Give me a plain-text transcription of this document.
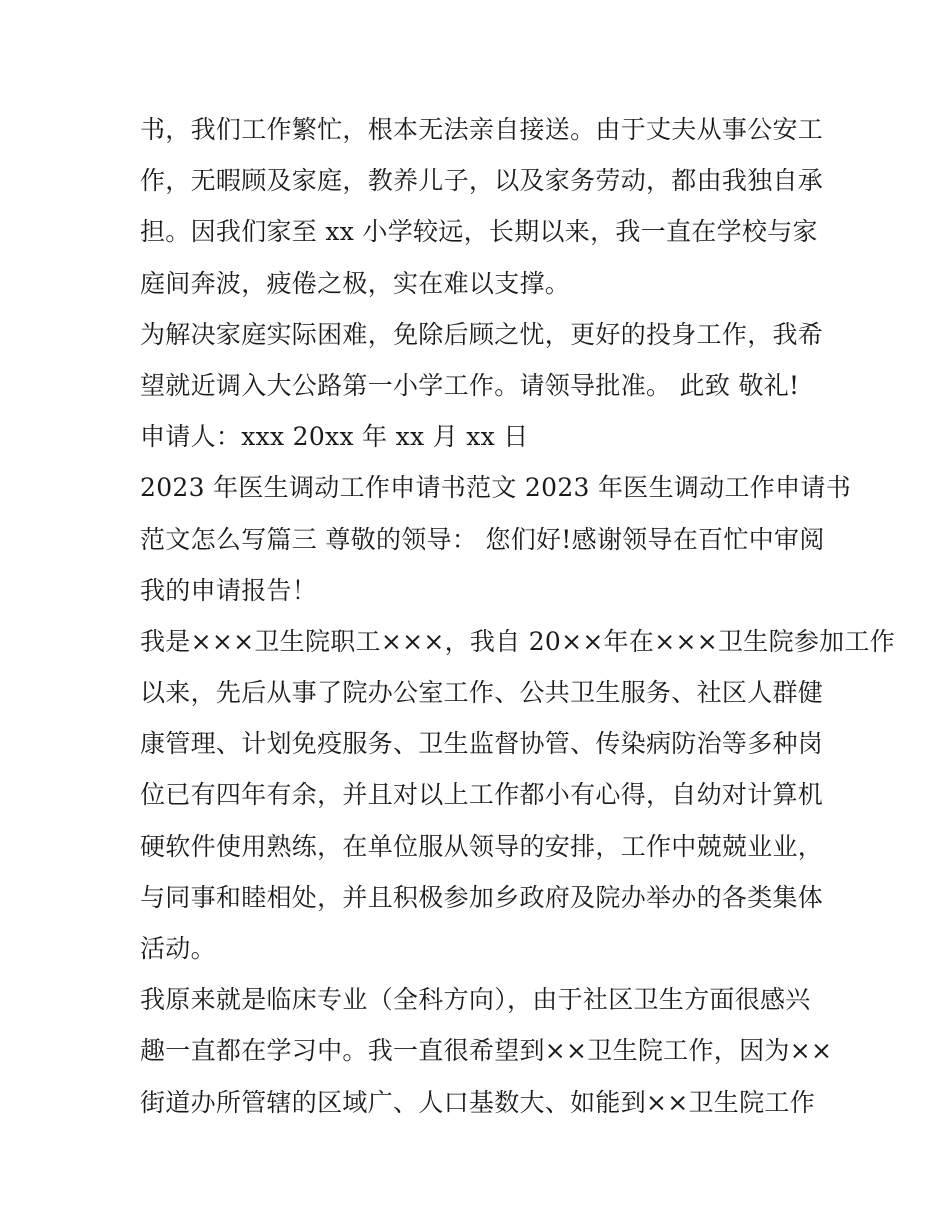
书，我们工作繁忙，根本无法亲自接送。由于丈夫从事公安工
作，无暇顾及家庭，教养儿子，以及家务劳动，都由我独自承
担。因我们家至 xx 小学较远，长期以来，我一直在学校与家
庭间奔波，疲倦之极，实在难以支撑。
为解决家庭实际困难，免除后顾之忧，更好的投身工作，我希
望就近调入大公路第一小学工作。请领导批准。 此致 敬礼!
申请人：xxx 20xx 年 xx 月 xx 日
2023 年医生调动工作申请书范文 2023 年医生调动工作申请书
范文怎么写篇三 尊敬的领导： 您们好!感谢领导在百忙中审阅
我的申请报告！
我是×××卫生院职工×××，我自 20××年在×××卫生院参加工作
以来，先后从事了院办公室工作、公共卫生服务、社区人群健
康管理、计划免疫服务、卫生监督协管、传染病防治等多种岗
位已有四年有余，并且对以上工作都小有心得，自幼对计算机
硬软件使用熟练，在单位服从领导的安排，工作中兢兢业业，
与同事和睦相处，并且积极参加乡政府及院办举办的各类集体
活动。
我原来就是临床专业（全科方向），由于社区卫生方面很感兴
趣一直都在学习中。我一直很希望到××卫生院工作，因为××
街道办所管辖的区域广、人口基数大、如能到××卫生院工作
